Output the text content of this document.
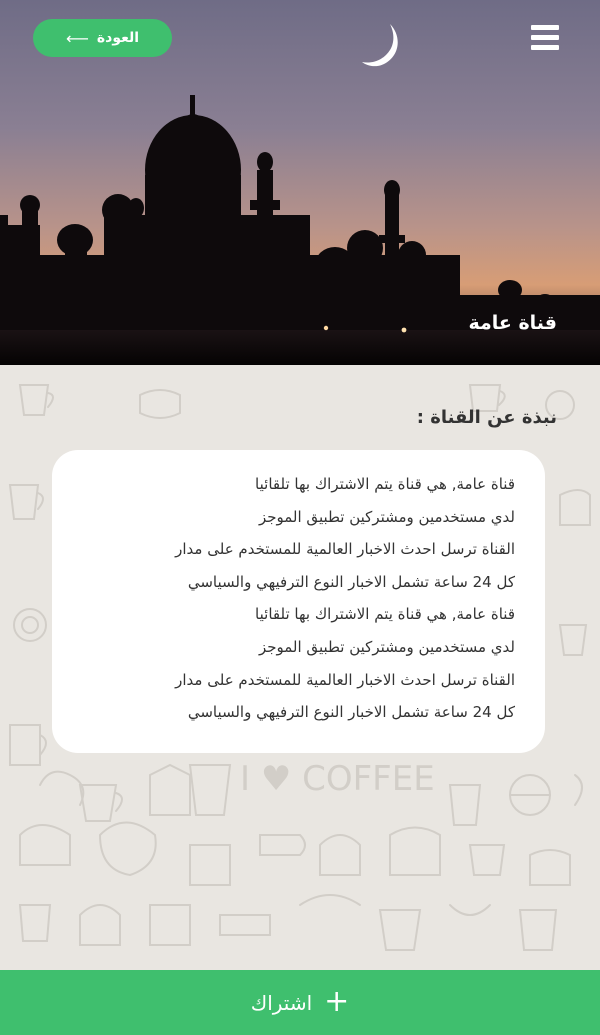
⟵ العودة
قناة عامة
I ♥ COFFEE
نبذة عن القناة :
قناة عامة, هي قناة يتم الاشتراك بها تلقائيا
لدي مستخدمين ومشتركين تطبيق الموجز
القناة ترسل احدث الاخبار العالمية للمستخدم على مدار
كل 24 ساعة تشمل الاخبار النوع الترفيهي والسياسي
قناة عامة, هي قناة يتم الاشتراك بها تلقائيا
لدي مستخدمين ومشتركين تطبيق الموجز
القناة ترسل احدث الاخبار العالمية للمستخدم على مدار
كل 24 ساعة تشمل الاخبار النوع الترفيهي والسياسي
+
اشتراك
